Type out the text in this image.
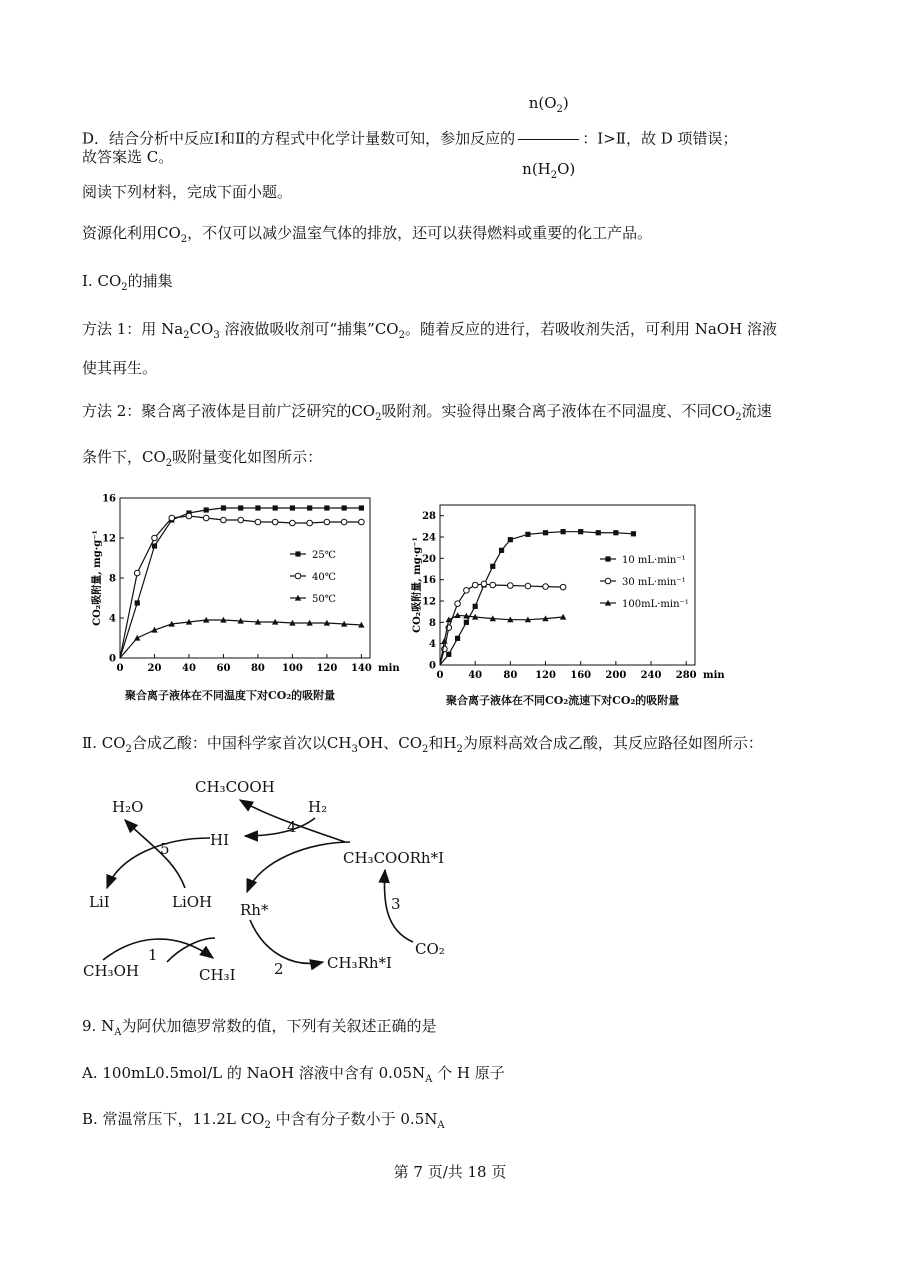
D．结合分析中反应Ⅰ和Ⅱ的方程式中化学计量数可知，参加反应的 $\frac{n(O_2)}{n(H_2O)}$ ：Ⅰ>Ⅱ，故 D 项错误；
故答案选 C。
阅读下列材料，完成下面小题。
资源化利用$CO_2$，不仅可以减少温室气体的排放，还可以获得燃料或重要的化工产品。
Ⅰ. $CO_2$的捕集
方法 1：用 $Na_2CO_3$ 溶液做吸收剂可“捕集$”CO_2$。随着反应的进行，若吸收剂失活，可利用 NaOH 溶液
使其再生。
方法 2：聚合离子液体是目前广泛研究的$CO_2$吸附剂。实验得出聚合离子液体在不同温度、不同$CO_2$流速
条件下，$CO_2$吸附量变化如图所示：
0 20 40 60 80 100 120 140
0
4
8
12
16
min
CO₂吸附量, mg·g⁻¹	25℃
40℃
50℃
0 40 80 120 160 200 240 280
0
4
8
12
16
20
24
28
min
CO₂吸附量, mg·g⁻¹	10 mL·min⁻¹
30 mL·min⁻¹
100mL·min⁻¹
聚合离子液体在不同温度下对CO₂的吸附量	聚合离子液体在不同CO₂流速下对CO₂的吸附量
Ⅱ. $CO_2$合成乙酸：中国科学家首次以$CH_3OH$、$CO_2$和$H_2$为原料高效合成乙酸，其反应路径如图所示：
CH₃COOH
H₂
H₂O
HI
CH₃COORh*I
LiI	LiOH Rh*
CH₃OH	CH₃I
CH₃Rh*I
CO₂
1
2
3
4
5
9. $N_A$为阿伏加德罗常数的值，下列有关叙述正确的是
A. 100mL0.5mol/L 的 NaOH 溶液中含有 $0.05N_A$ 个 H 原子
B. 常温常压下，11.2L $CO_2$ 中含有分子数小于 $0.5N_A$
第 7 页/共 18 页
